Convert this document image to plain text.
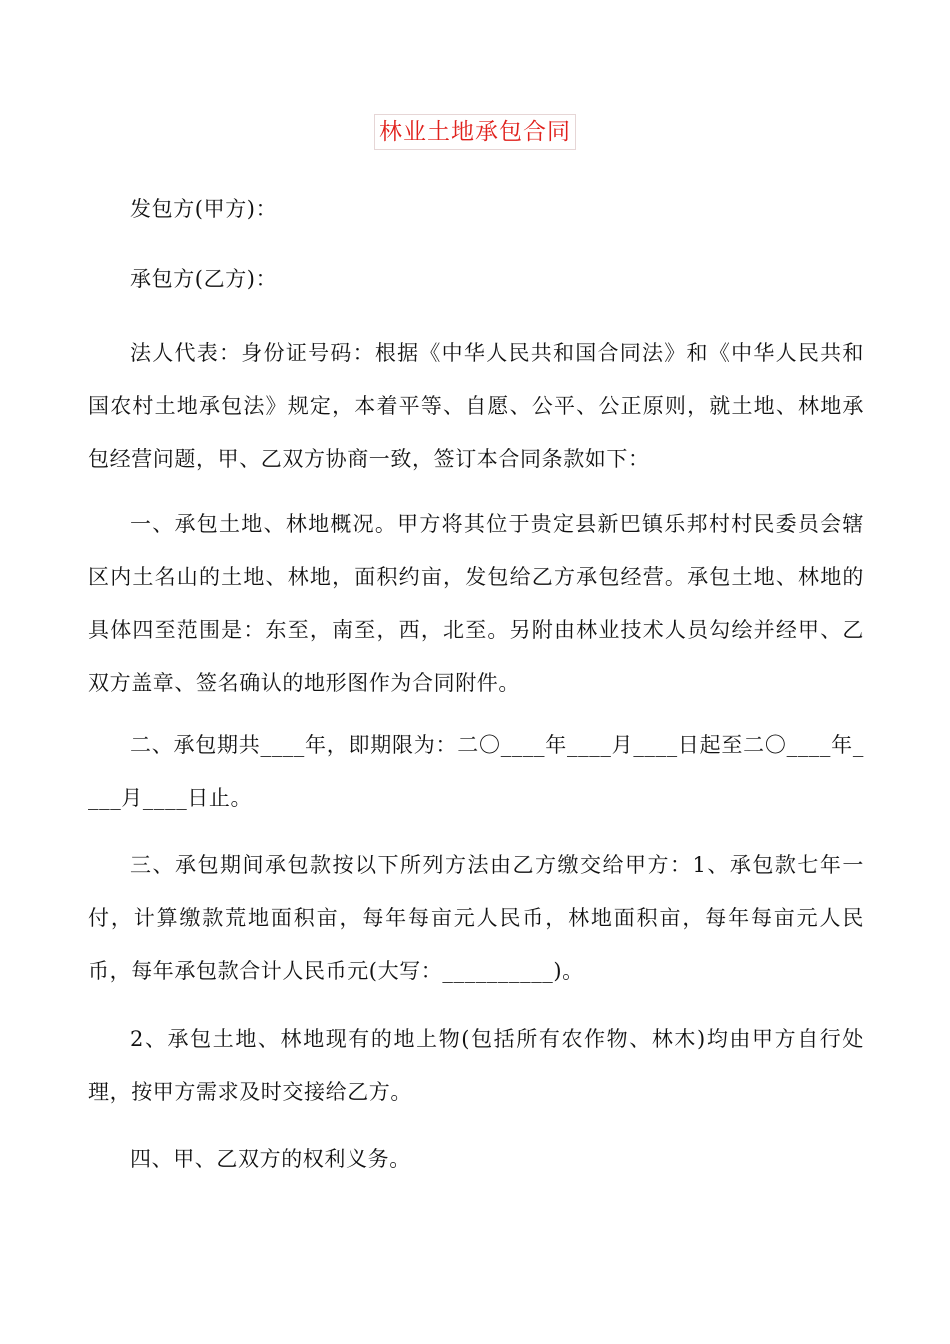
林业土地承包合同

发包方(甲方)：

承包方(乙方)：

法人代表：身份证号码：根据《中华人民共和国合同法》和《中华人民共和国农村土地承包法》规定，本着平等、自愿、公平、公正原则，就土地、林地承包经营问题，甲、乙双方协商一致，签订本合同条款如下：

一、承包土地、林地概况。甲方将其位于贵定县新巴镇乐邦村村民委员会辖区内土名山的土地、林地，面积约亩，发包给乙方承包经营。承包土地、林地的具体四至范围是：东至，南至，西，北至。另附由林业技术人员勾绘并经甲、乙双方盖章、签名确认的地形图作为合同附件。

二、承包期共____年，即期限为：二〇____年____月____日起至二〇____年____月____日止。

三、承包期间承包款按以下所列方法由乙方缴交给甲方：1、承包款七年一付，计算缴款荒地面积亩，每年每亩元人民币，林地面积亩，每年每亩元人民币，每年承包款合计人民币元(大写：__________)。

2、承包土地、林地现有的地上物(包括所有农作物、林木)均由甲方自行处理，按甲方需求及时交接给乙方。

四、甲、乙双方的权利义务。
